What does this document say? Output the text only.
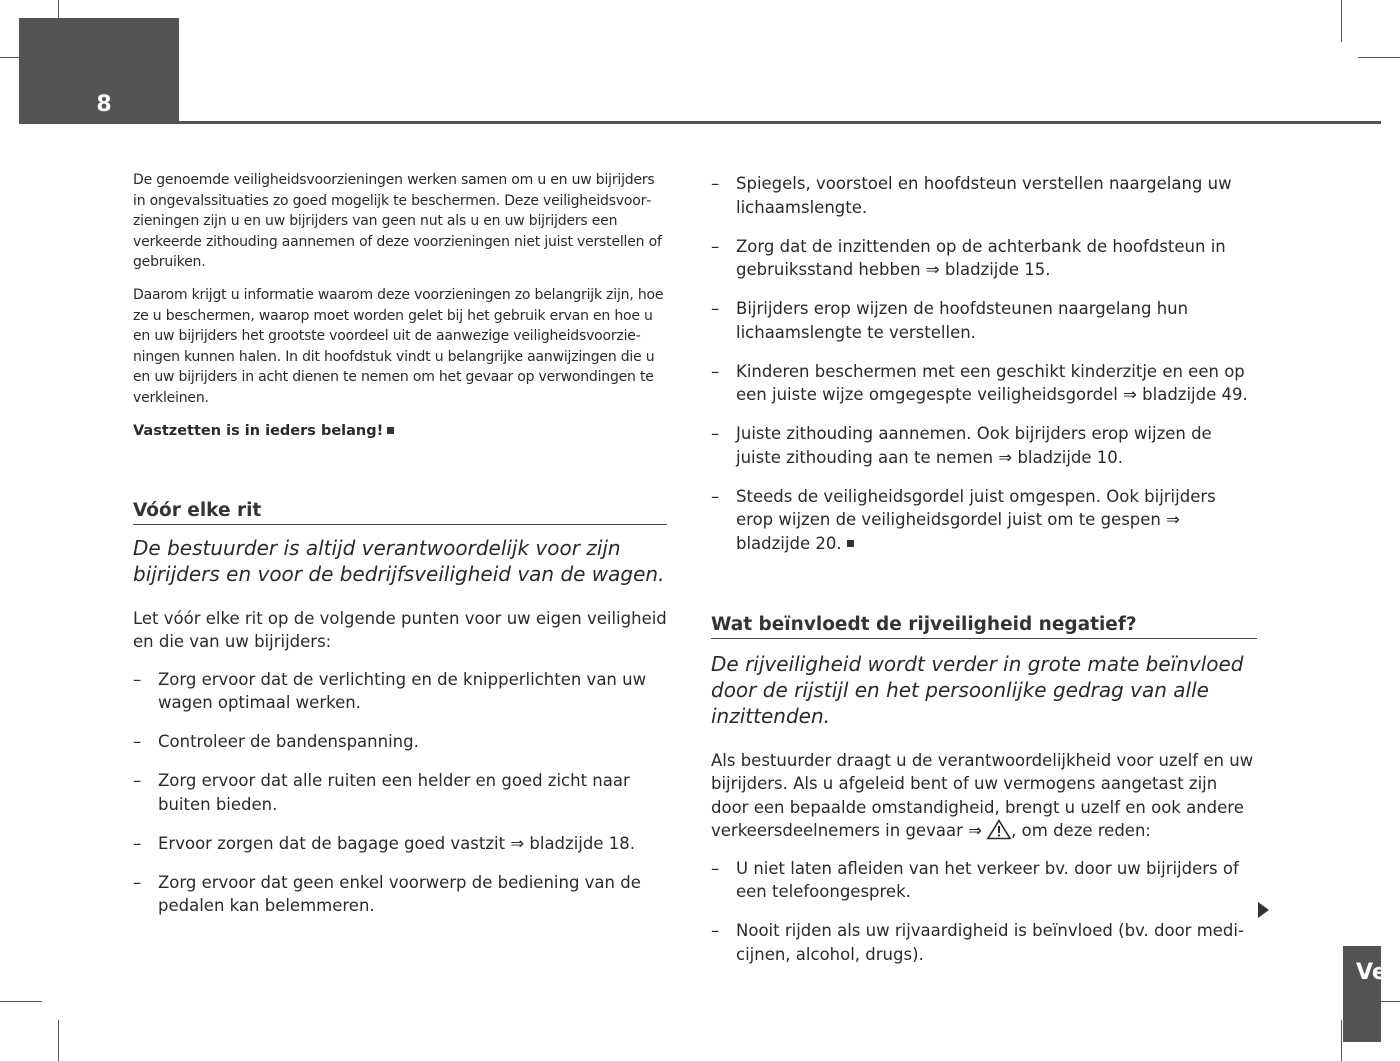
8

De genoemde veiligheidsvoorzieningen werken samen om u en uw bijrijders in ongevalssituaties zo goed mogelijk te beschermen. Deze veiligheidsvoorzieningen zijn u en uw bijrijders van geen nut als u en uw bijrijders een verkeerde zithouding aannemen of deze voorzieningen niet juist verstellen of gebruiken.

Daarom krijgt u informatie waarom deze voorzieningen zo belangrijk zijn, hoe ze u beschermen, waarop moet worden gelet bij het gebruik ervan en hoe u en uw bijrijders het grootste voordeel uit de aanwezige veiligheidsvoorzieningen kunnen halen. In dit hoofdstuk vindt u belangrijke aanwijzingen die u en uw bijrijders in acht dienen te nemen om het gevaar op verwondingen te verkleinen.

Vastzetten is in ieders belang!

Vóór elke rit

De bestuurder is altijd verantwoordelijk voor zijn bijrijders en voor de bedrijfsveiligheid van de wagen.

Let vóór elke rit op de volgende punten voor uw eigen veiligheid en die van uw bijrijders:

– Zorg ervoor dat de verlichting en de knipperlichten van uw wagen optimaal werken.
– Controleer de bandenspanning.
– Zorg ervoor dat alle ruiten een helder en goed zicht naar buiten bieden.
– Ervoor zorgen dat de bagage goed vastzit ⇒ bladzijde 18.
– Zorg ervoor dat geen enkel voorwerp de bediening van de pedalen kan belemmeren.
– Spiegels, voorstoel en hoofdsteun verstellen naargelang uw lichaamslengte.
– Zorg dat de inzittenden op de achterbank de hoofdsteun in gebruiksstand hebben ⇒ bladzijde 15.
– Bijrijders erop wijzen de hoofdsteunen naargelang hun lichaamslengte te verstellen.
– Kinderen beschermen met een geschikt kinderzitje en een op een juiste wijze omgegespte veiligheidsgordel ⇒ bladzijde 49.
– Juiste zithouding aannemen. Ook bijrijders erop wijzen de juiste zithouding aan te nemen ⇒ bladzijde 10.
– Steeds de veiligheidsgordel juist omgespen. Ook bijrijders erop wijzen de veiligheidsgordel juist om te gespen ⇒ bladzijde 20.
Wat beïnvloedt de rijveiligheid negatief?

De rijveiligheid wordt verder in grote mate beïnvloed door de rijstijl en het persoonlijke gedrag van alle inzittenden.

Als bestuurder draagt u de verantwoordelijkheid voor uzelf en uw bijrijders. Als u afgeleid bent of uw vermogens aangetast zijn door een bepaalde omstandigheid, brengt u uzelf en ook andere verkeersdeelnemers in gevaar ⇒ , om deze reden:

– U niet laten afleiden van het verkeer bv. door uw bijrijders of een telefoongesprek.
– Nooit rijden als uw rijvaardigheid is beïnvloed (bv. door medicijnen, alcohol, drugs).
Ve
